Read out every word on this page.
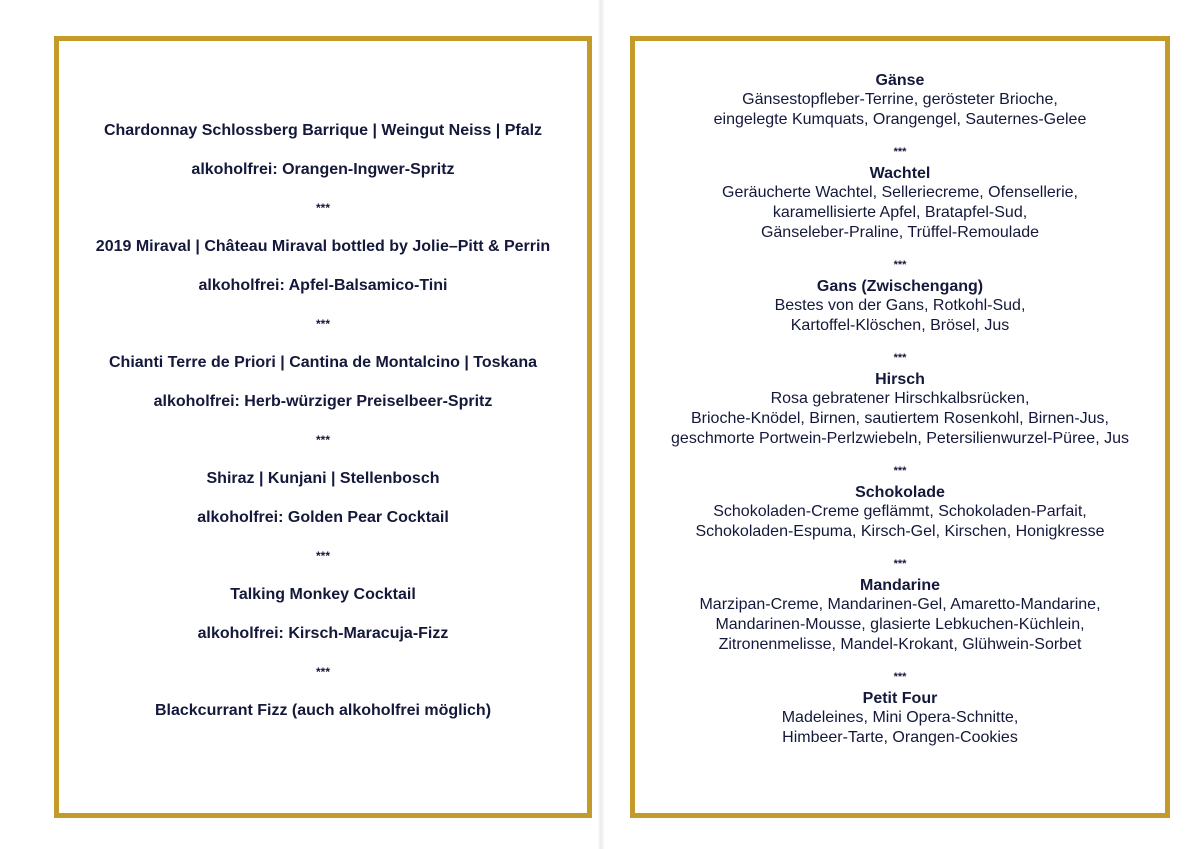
Chardonnay Schlossberg Barrique | Weingut Neiss | Pfalz
alkoholfrei: Orangen-Ingwer-Spritz
***
2019 Miraval | Château Miraval bottled by Jolie–Pitt & Perrin
alkoholfrei: Apfel-Balsamico-Tini
***
Chianti Terre de Priori | Cantina de Montalcino | Toskana
alkoholfrei: Herb-würziger Preiselbeer-Spritz
***
Shiraz | Kunjani | Stellenbosch
alkoholfrei: Golden Pear Cocktail
***
Talking Monkey Cocktail
alkoholfrei: Kirsch-Maracuja-Fizz
***
Blackcurrant Fizz (auch alkoholfrei möglich)
Gänse
Gänsestopfleber-Terrine, gerösteter Brioche,
eingelegte Kumquats, Orangengel, Sauternes-Gelee
***
Wachtel
Geräucherte Wachtel, Selleriecreme, Ofensellerie,
karamellisierte Apfel, Bratapfel-Sud,
Gänseleber-Praline, Trüffel-Remoulade
***
Gans (Zwischengang)
Bestes von der Gans, Rotkohl-Sud,
Kartoffel-Klöschen, Brösel, Jus
***
Hirsch
Rosa gebratener Hirschkalbsrücken,
Brioche-Knödel, Birnen, sautiertem Rosenkohl, Birnen-Jus,
geschmorte Portwein-Perlzwiebeln, Petersilienwurzel-Püree, Jus
***
Schokolade
Schokoladen-Creme geflämmt, Schokoladen-Parfait,
Schokoladen-Espuma, Kirsch-Gel, Kirschen, Honigkresse
***
Mandarine
Marzipan-Creme, Mandarinen-Gel, Amaretto-Mandarine,
Mandarinen-Mousse, glasierte Lebkuchen-Küchlein,
Zitronenmelisse, Mandel-Krokant, Glühwein-Sorbet
***
Petit Four
Madeleines, Mini Opera-Schnitte,
Himbeer-Tarte, Orangen-Cookies
